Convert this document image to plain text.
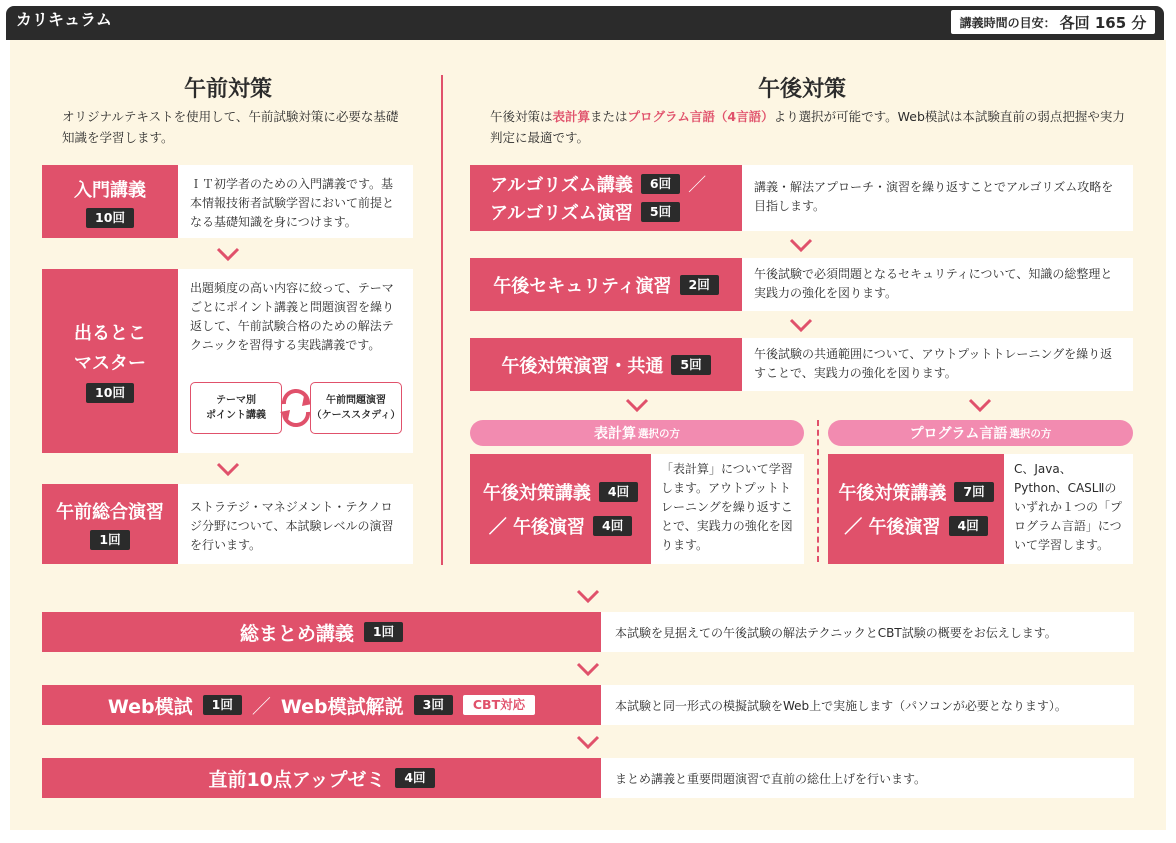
カリキュラム	講義時間の目安： 各回 165 分
午前対策
オリジナルテキストを使用して、午前試験対策に必要な基礎知識を学習します。
入門講義
10回
ＩＴ初学者のための入門講義です。基本情報技術者試験学習において前提となる基礎知識を身につけます。
出るとこ
マスター
10回
出題頻度の高い内容に絞って、テーマごとにポイント講義と問題演習を繰り返して、午前試験合格のための解法テクニックを習得する実践講義です。
テーマ別
ポイント講義
午前問題演習
（ケーススタディ）
午前総合演習
1回
ストラテジ・マネジメント・テクノロジ分野について、本試験レベルの演習を行います。
午後対策
午後対策は表計算またはプログラム言語（4言語）より選択が可能です。Web模試は本試験直前の弱点把握や実力判定に最適です。
アルゴリズム講義	6回 ／
アルゴリズム演習	5回
講義・解法アプローチ・演習を繰り返すことでアルゴリズム攻略を目指します。
午後セキュリティ演習	2回
午後試験で必須問題となるセキュリティについて、知識の総整理と実践力の強化を図ります。
午後対策演習・共通	5回
午後試験の共通範囲について、アウトプットトレーニングを繰り返すことで、実践力の強化を図ります。
表計算 選択の方	プログラム言語 選択の方
午後対策講義	4回
／ 午後演習	4回
「表計算」について学習します。アウトプットトレーニングを繰り返すことで、実践力の強化を図ります。
午後対策講義	7回
／ 午後演習	4回
C、Java、Python、CASLⅡのいずれか１つの「プログラム言語」について学習します。
総まとめ講義	1回	本試験を見据えての午後試験の解法テクニックとCBT試験の概要をお伝えします。
Web模試	1回	／ Web模試解説	3回	CBT対応	本試験と同一形式の模擬試験をWeb上で実施します（パソコンが必要となります）。
直前10点アップゼミ	4回	まとめ講義と重要問題演習で直前の総仕上げを行います。
